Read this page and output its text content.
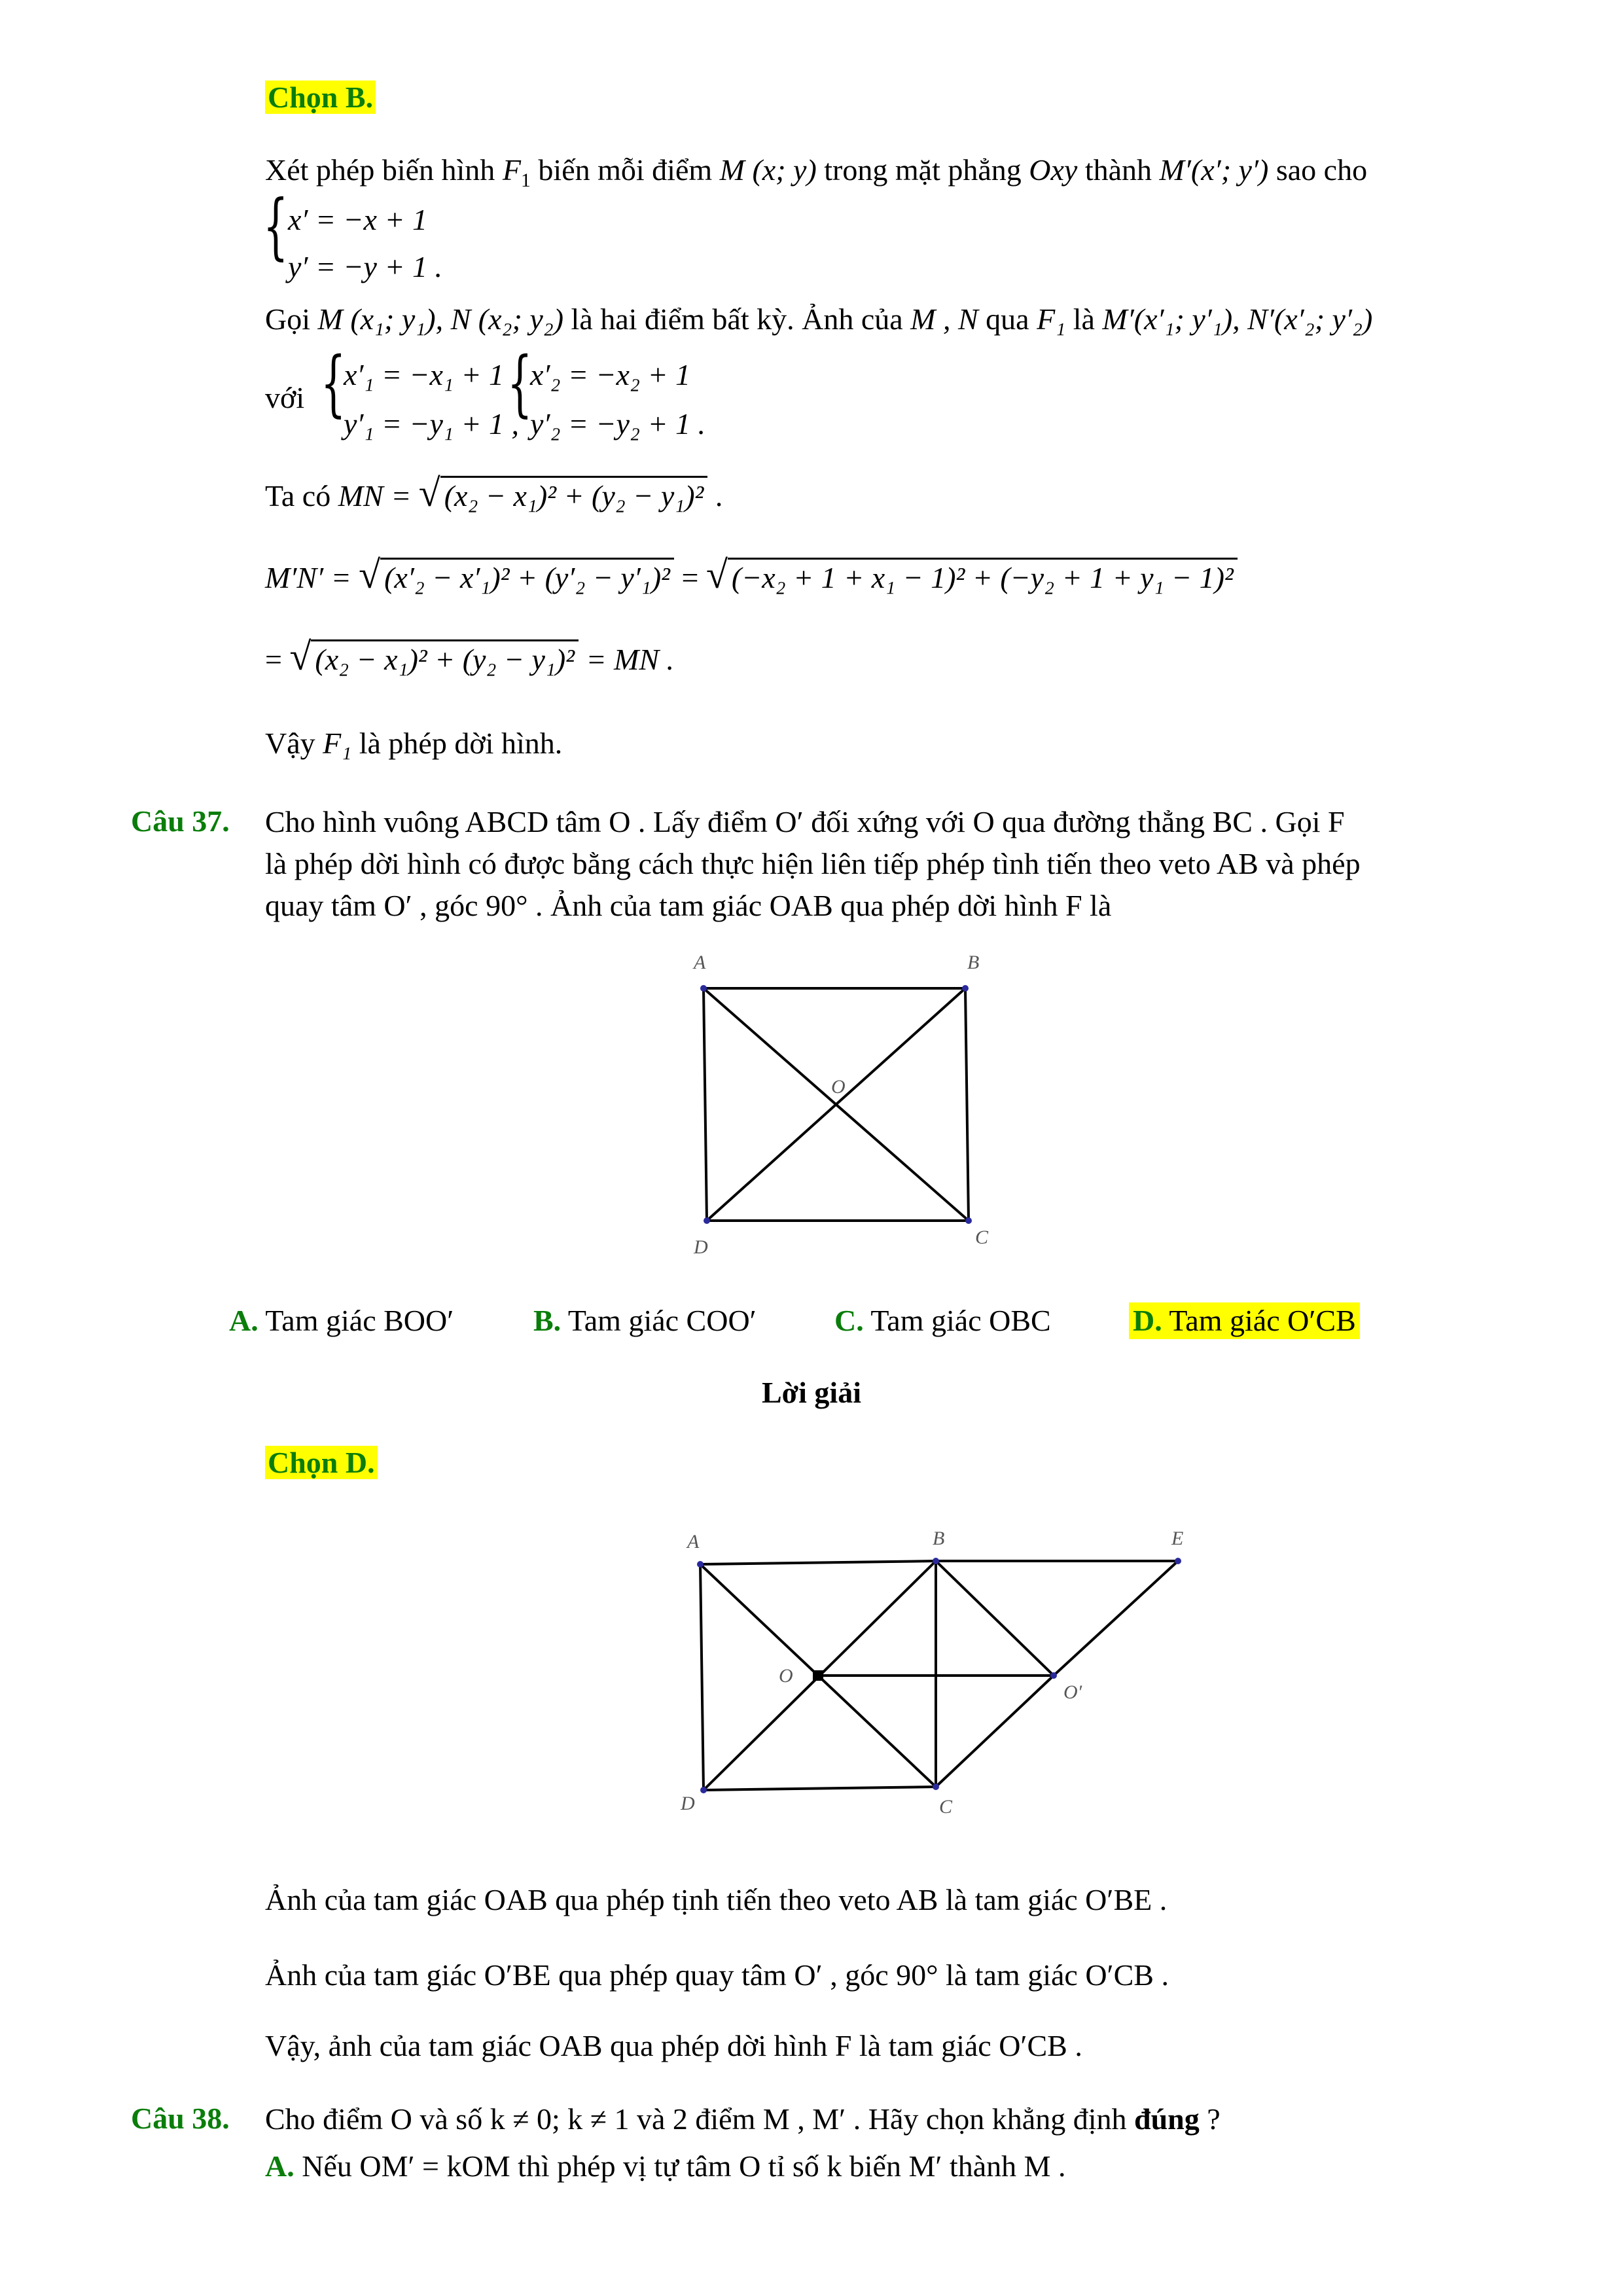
Chọn B.
Xét phép biến hình $F_1$ biến mỗi điểm M (x; y) trong mặt phẳng Oxy thành M′(x′; y′) sao cho
{ x′ = −x + 1
y′ = −y + 1 .
Gọi M (x₁; y₁), N (x₂; y₂) là hai điểm bất kỳ. Ảnh của M , N qua F₁ là M′(x′₁; y′₁), N′(x′₂; y′₂)
với {
x′₁ = −x₁ + 1
y′₁ = −y₁ + 1 ,
{
x′₂ = −x₂ + 1
y′₂ = −y₂ + 1 .
Ta có MN = √ (x₂ − x₁)² + (y₂ − y₁)² .
M′N′ = √ (x′₂ − x′₁)² + (y′₂ − y′₁)² = √ (−x₂ + 1 + x₁ − 1)² + (−y₂ + 1 + y₁ − 1)²
= √ (x₂ − x₁)² + (y₂ − y₁)² = MN .
Vậy F₁ là phép dời hình.
Câu 37. Cho hình vuông ABCD tâm O . Lấy điểm O′ đối xứng với O qua đường thẳng BC . Gọi F
là phép dời hình có được bằng cách thực hiện liên tiếp phép tình tiến theo veto AB và phép
quay tâm O′ , góc 90° . Ảnh của tam giác OAB qua phép dời hình F là
A	B
C
D
O
A. Tam giác BOO′	B. Tam giác COO′	C. Tam giác OBC	D. Tam giác O′CB
Lời giải
Chọn D.
A	B	E
O
O′
D	C
Ảnh của tam giác OAB qua phép tịnh tiến theo veto AB là tam giác O′BE .
Ảnh của tam giác O′BE qua phép quay tâm O′ , góc 90° là tam giác O′CB .
Vậy, ảnh của tam giác OAB qua phép dời hình F là tam giác O′CB .
Câu 38. Cho điểm O và số k ≠ 0; k ≠ 1 và 2 điểm M , M′ . Hãy chọn khẳng định đúng ?
A. Nếu OM′ = kOM thì phép vị tự tâm O tỉ số k biến M′ thành M .
